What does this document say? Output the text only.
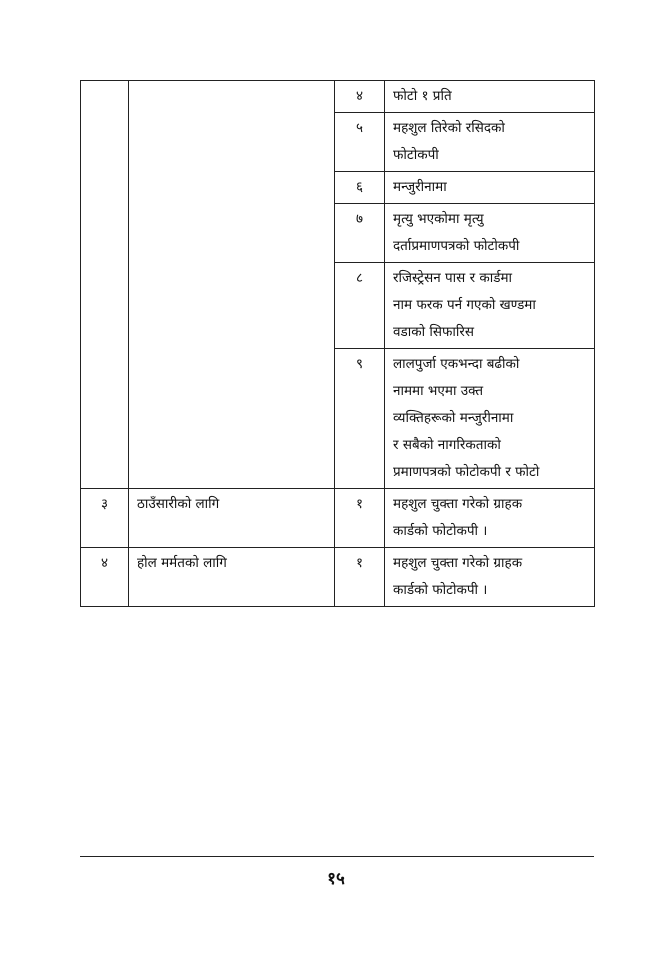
		४	फोटो १ प्रति
		५	महशुल तिरेको रसिदको
फोटोकपी
		६	मन्जुरीनामा
		७	मृत्यु भएकोमा मृत्यु
दर्ताप्रमाणपत्रको फोटोकपी
		८	रजिस्ट्रेसन पास र कार्डमा
नाम फरक पर्न गएको खण्डमा
वडाको सिफारिस
		९	लालपुर्जा एकभन्दा बढीको
नाममा भएमा उक्त
व्यक्तिहरूको मन्जुरीनामा
र सबैको नागरिकताको
प्रमाणपत्रको फोटोकपी र फोटो
३	ठाउँसारीको लागि	१	महशुल चुक्ता गरेको ग्राहक
कार्डको फोटोकपी ।
४	होल मर्मतको लागि	१	महशुल चुक्ता गरेको ग्राहक
कार्डको फोटोकपी ।
१५
